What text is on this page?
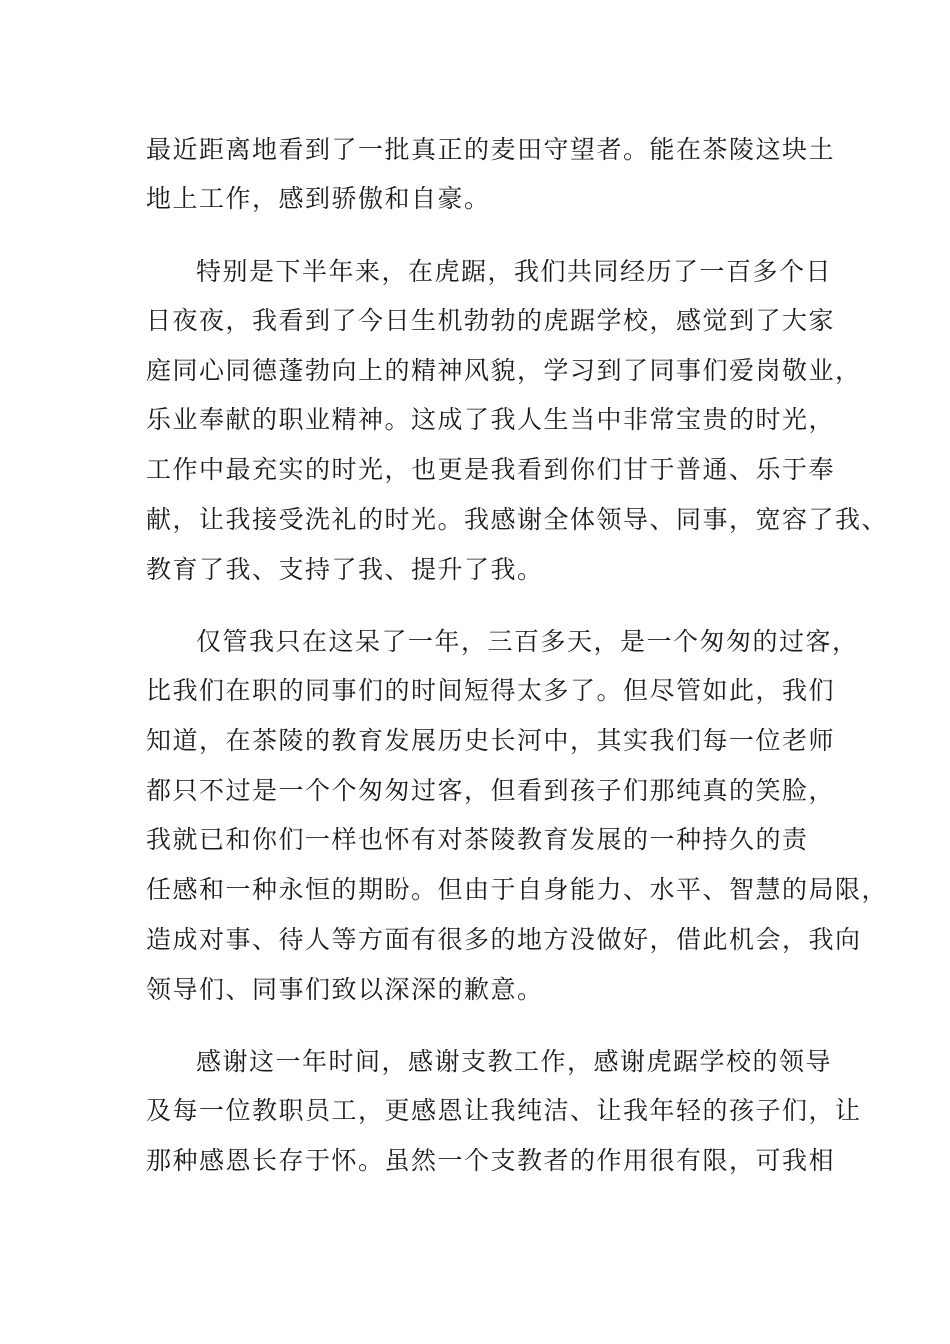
最近距离地看到了一批真正的麦田守望者。能在茶陵这块土
地上工作，感到骄傲和自豪。
特别是下半年来，在虎踞，我们共同经历了一百多个日
日夜夜，我看到了今日生机勃勃的虎踞学校，感觉到了大家
庭同心同德蓬勃向上的精神风貌，学习到了同事们爱岗敬业，
乐业奉献的职业精神。这成了我人生当中非常宝贵的时光，
工作中最充实的时光，也更是我看到你们甘于普通、乐于奉
献，让我接受洗礼的时光。我感谢全体领导、同事，宽容了我、
教育了我、支持了我、提升了我。
仅管我只在这呆了一年，三百多天，是一个匆匆的过客，
比我们在职的同事们的时间短得太多了。但尽管如此，我们
知道，在茶陵的教育发展历史长河中，其实我们每一位老师
都只不过是一个个匆匆过客，但看到孩子们那纯真的笑脸，
我就已和你们一样也怀有对茶陵教育发展的一种持久的责
任感和一种永恒的期盼。但由于自身能力、水平、智慧的局限，
造成对事、待人等方面有很多的地方没做好，借此机会，我向
领导们、同事们致以深深的歉意。
感谢这一年时间，感谢支教工作，感谢虎踞学校的领导
及每一位教职员工，更感恩让我纯洁、让我年轻的孩子们，让
那种感恩长存于怀。虽然一个支教者的作用很有限，可我相
